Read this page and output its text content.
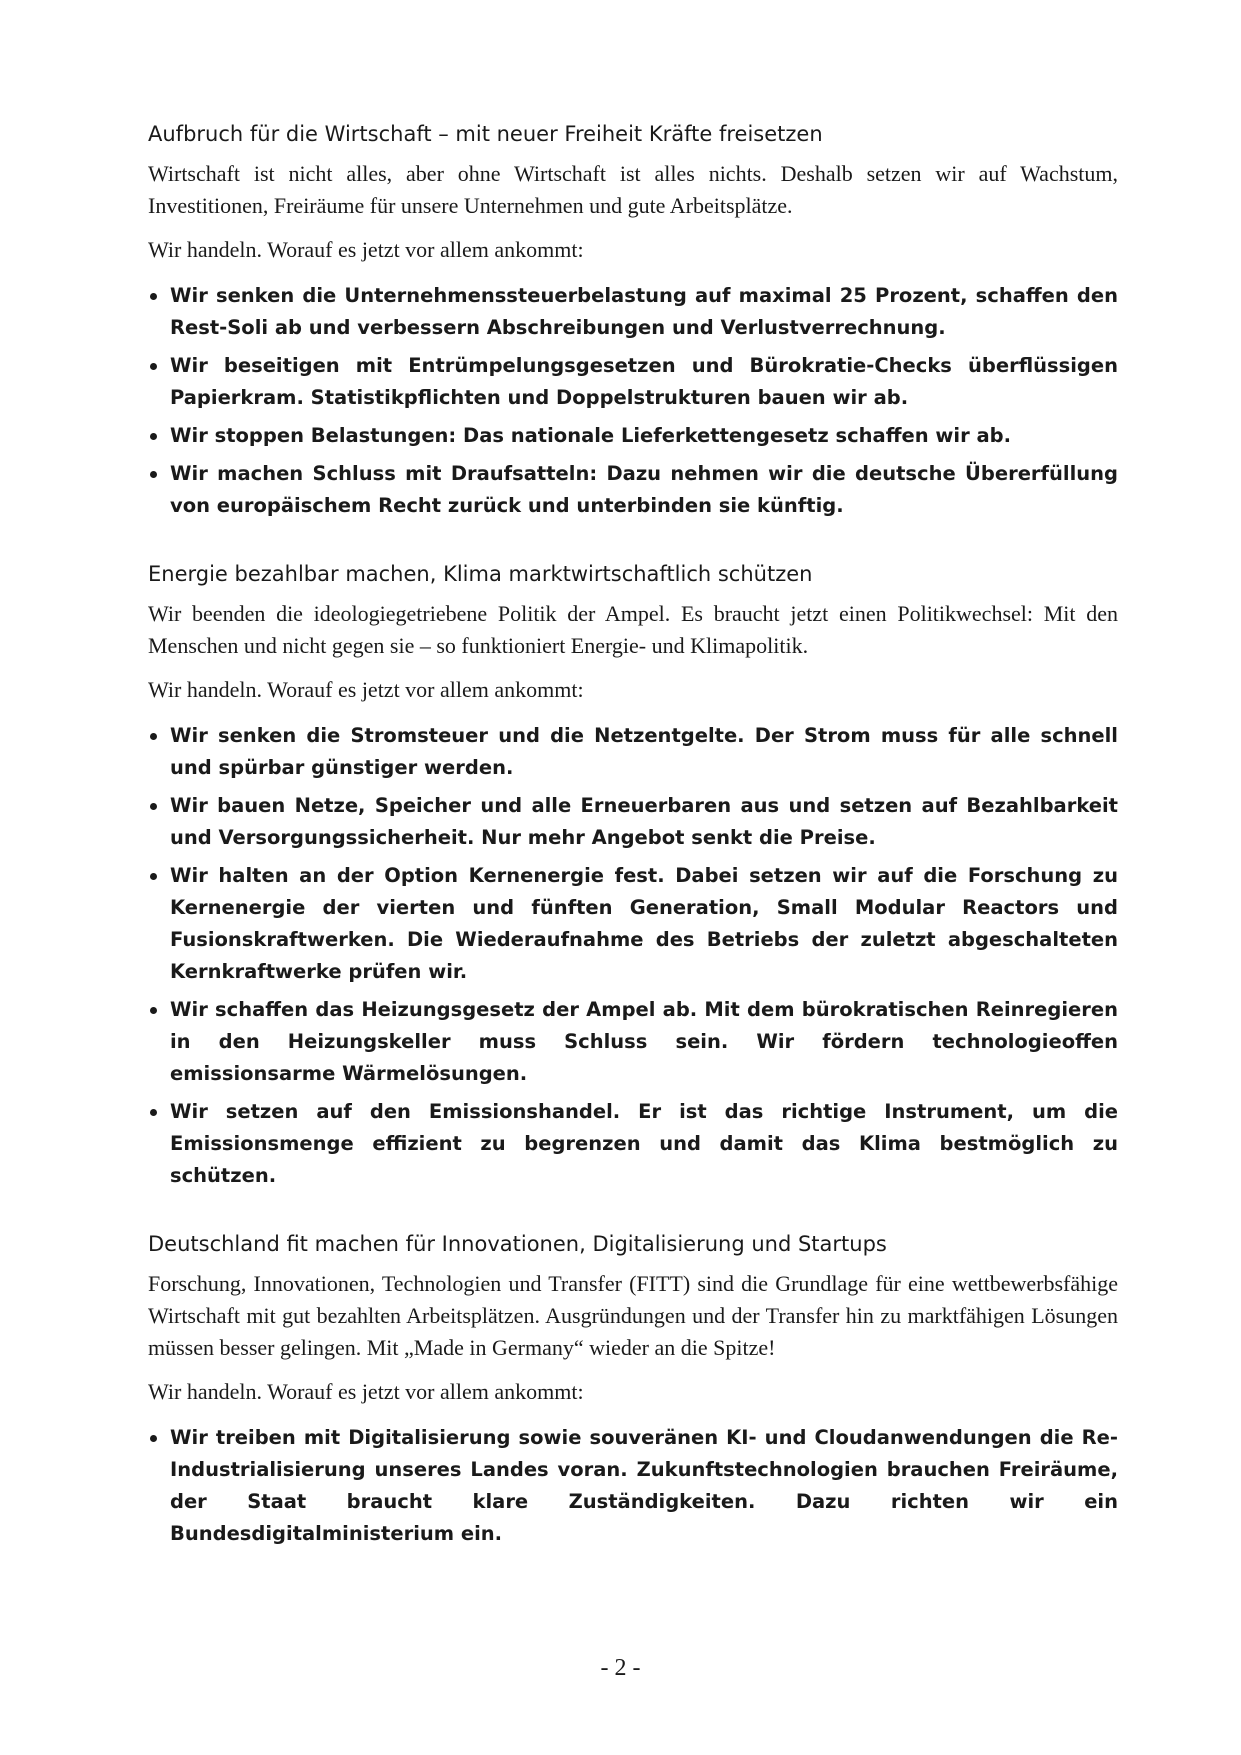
Aufbruch für die Wirtschaft – mit neuer Freiheit Kräfte freisetzen

Wirtschaft ist nicht alles, aber ohne Wirtschaft ist alles nichts. Deshalb setzen wir auf Wachstum, Investitionen, Freiräume für unsere Unternehmen und gute Arbeitsplätze.

Wir handeln. Worauf es jetzt vor allem ankommt:

Wir senken die Unternehmenssteuerbelastung auf maximal 25 Prozent, schaffen den Rest-Soli ab und verbessern Abschreibungen und Verlustverrechnung.
Wir beseitigen mit Entrümpelungsgesetzen und Bürokratie-Checks überflüssigen Papierkram. Statistikpflichten und Doppelstrukturen bauen wir ab.
Wir stoppen Belastungen: Das nationale Lieferkettengesetz schaffen wir ab.
Wir machen Schluss mit Draufsatteln: Dazu nehmen wir die deutsche Übererfüllung von europäischem Recht zurück und unterbinden sie künftig.
Energie bezahlbar machen, Klima marktwirtschaftlich schützen

Wir beenden die ideologiegetriebene Politik der Ampel. Es braucht jetzt einen Politikwechsel: Mit den Menschen und nicht gegen sie – so funktioniert Energie- und Klimapolitik.

Wir handeln. Worauf es jetzt vor allem ankommt:

Wir senken die Stromsteuer und die Netzentgelte. Der Strom muss für alle schnell und spürbar günstiger werden.
Wir bauen Netze, Speicher und alle Erneuerbaren aus und setzen auf Bezahlbarkeit und Versorgungssicherheit. Nur mehr Angebot senkt die Preise.
Wir halten an der Option Kernenergie fest. Dabei setzen wir auf die Forschung zu Kernenergie der vierten und fünften Generation, Small Modular Reactors und Fusionskraftwerken. Die Wiederaufnahme des Betriebs der zuletzt abgeschalteten Kernkraftwerke prüfen wir.
Wir schaffen das Heizungsgesetz der Ampel ab. Mit dem bürokratischen Reinregieren in den Heizungskeller muss Schluss sein. Wir fördern technologieoffen emissionsarme Wärmelösungen.
Wir setzen auf den Emissionshandel. Er ist das richtige Instrument, um die Emissionsmenge effizient zu begrenzen und damit das Klima bestmöglich zu schützen.
Deutschland fit machen für Innovationen, Digitalisierung und Startups

Forschung, Innovationen, Technologien und Transfer (FITT) sind die Grundlage für eine wettbewerbsfähige Wirtschaft mit gut bezahlten Arbeitsplätzen. Ausgründungen und der Transfer hin zu marktfähigen Lösungen müssen besser gelingen. Mit „Made in Germany“ wieder an die Spitze!

Wir handeln. Worauf es jetzt vor allem ankommt:

Wir treiben mit Digitalisierung sowie souveränen KI- und Cloudanwendungen die Re-Industrialisierung unseres Landes voran. Zukunftstechnologien brauchen Freiräume, der Staat braucht klare Zuständigkeiten. Dazu richten wir ein Bundesdigitalministerium ein.
- 2 -
